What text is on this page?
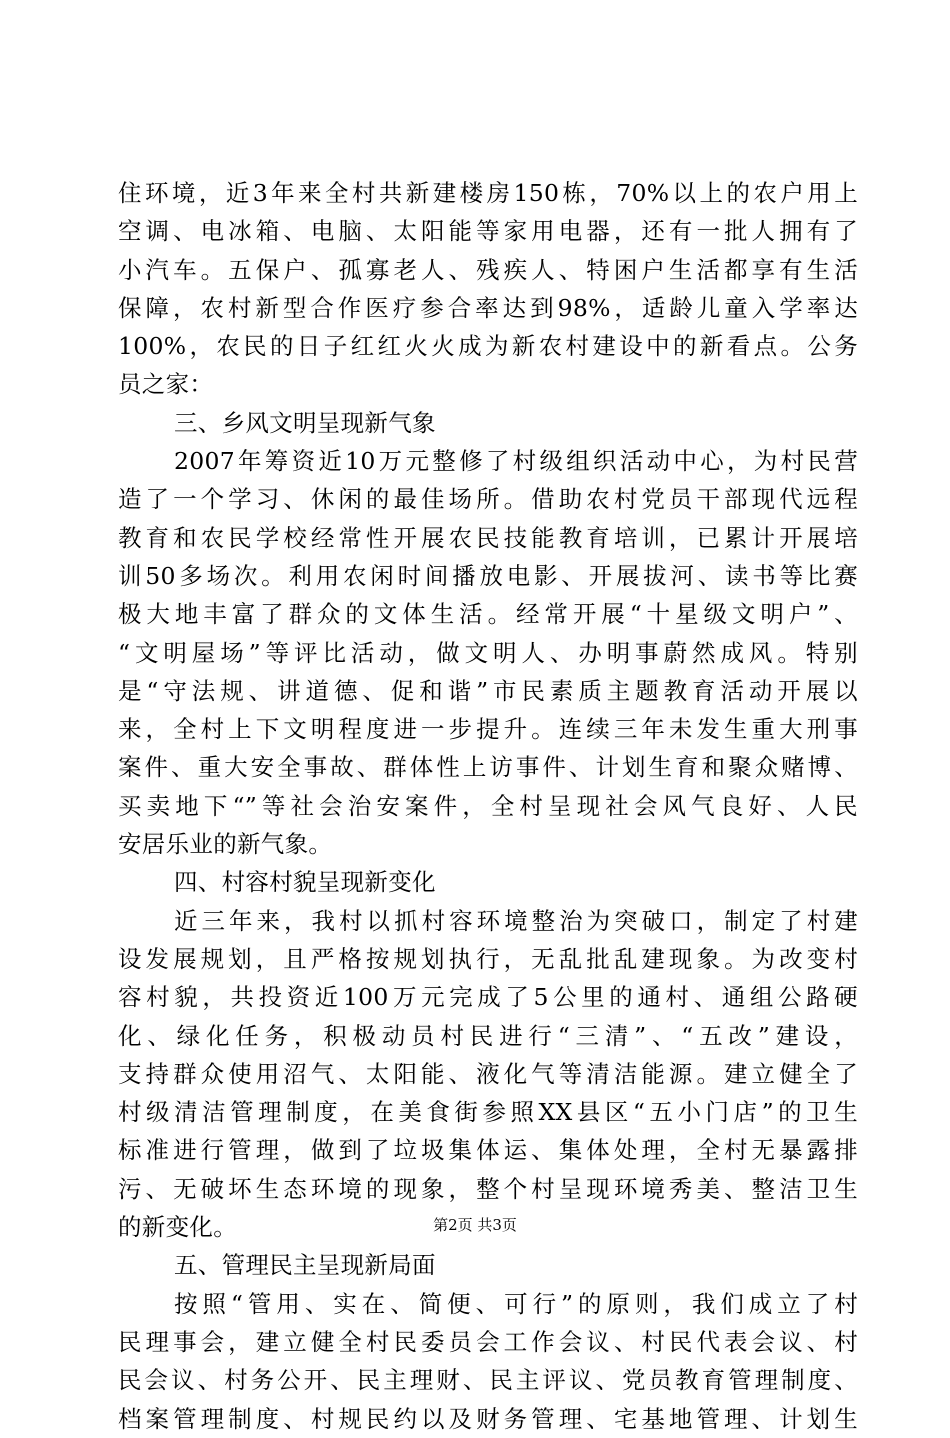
住环境，近3年来全村共新建楼房150栋，70%以上的农户用上
空调、电冰箱、电脑、太阳能等家用电器，还有一批人拥有了
小汽车。五保户、孤寡老人、残疾人、特困户生活都享有生活
保障，农村新型合作医疗参合率达到98%，适龄儿童入学率达
100%，农民的日子红红火火成为新农村建设中的新看点。公务
员之家：
三、乡风文明呈现新气象
2007年筹资近10万元整修了村级组织活动中心，为村民营
造了一个学习、休闲的最佳场所。借助农村党员干部现代远程
教育和农民学校经常性开展农民技能教育培训，已累计开展培
训50多场次。利用农闲时间播放电影、开展拔河、读书等比赛
极大地丰富了群众的文体生活。经常开展“十星级文明户”、
“文明屋场”等评比活动，做文明人、办明事蔚然成风。特别
是“守法规、讲道德、促和谐”市民素质主题教育活动开展以
来，全村上下文明程度进一步提升。连续三年未发生重大刑事
案件、重大安全事故、群体性上访事件、计划生育和聚众赌博、
买卖地下“”等社会治安案件，全村呈现社会风气良好、人民
安居乐业的新气象。
四、村容村貌呈现新变化
近三年来，我村以抓村容环境整治为突破口，制定了村建
设发展规划，且严格按规划执行，无乱批乱建现象。为改变村
容村貌，共投资近100万元完成了5公里的通村、通组公路硬
化、绿化任务，积极动员村民进行“三清”、“五改”建设，
支持群众使用沼气、太阳能、液化气等清洁能源。建立健全了
村级清洁管理制度，在美食街参照XX县区“五小门店”的卫生
标准进行管理，做到了垃圾集体运、集体处理，全村无暴露排
污、无破坏生态环境的现象，整个村呈现环境秀美、整洁卫生
的新变化。
五、管理民主呈现新局面
按照“管用、实在、简便、可行”的原则，我们成立了村
民理事会，建立健全村民委员会工作会议、村民代表会议、村
民会议、村务公开、民主理财、民主评议、党员教育管理制度、
档案管理制度、村规民约以及财务管理、宅基地管理、计划生
第2页 共3页
